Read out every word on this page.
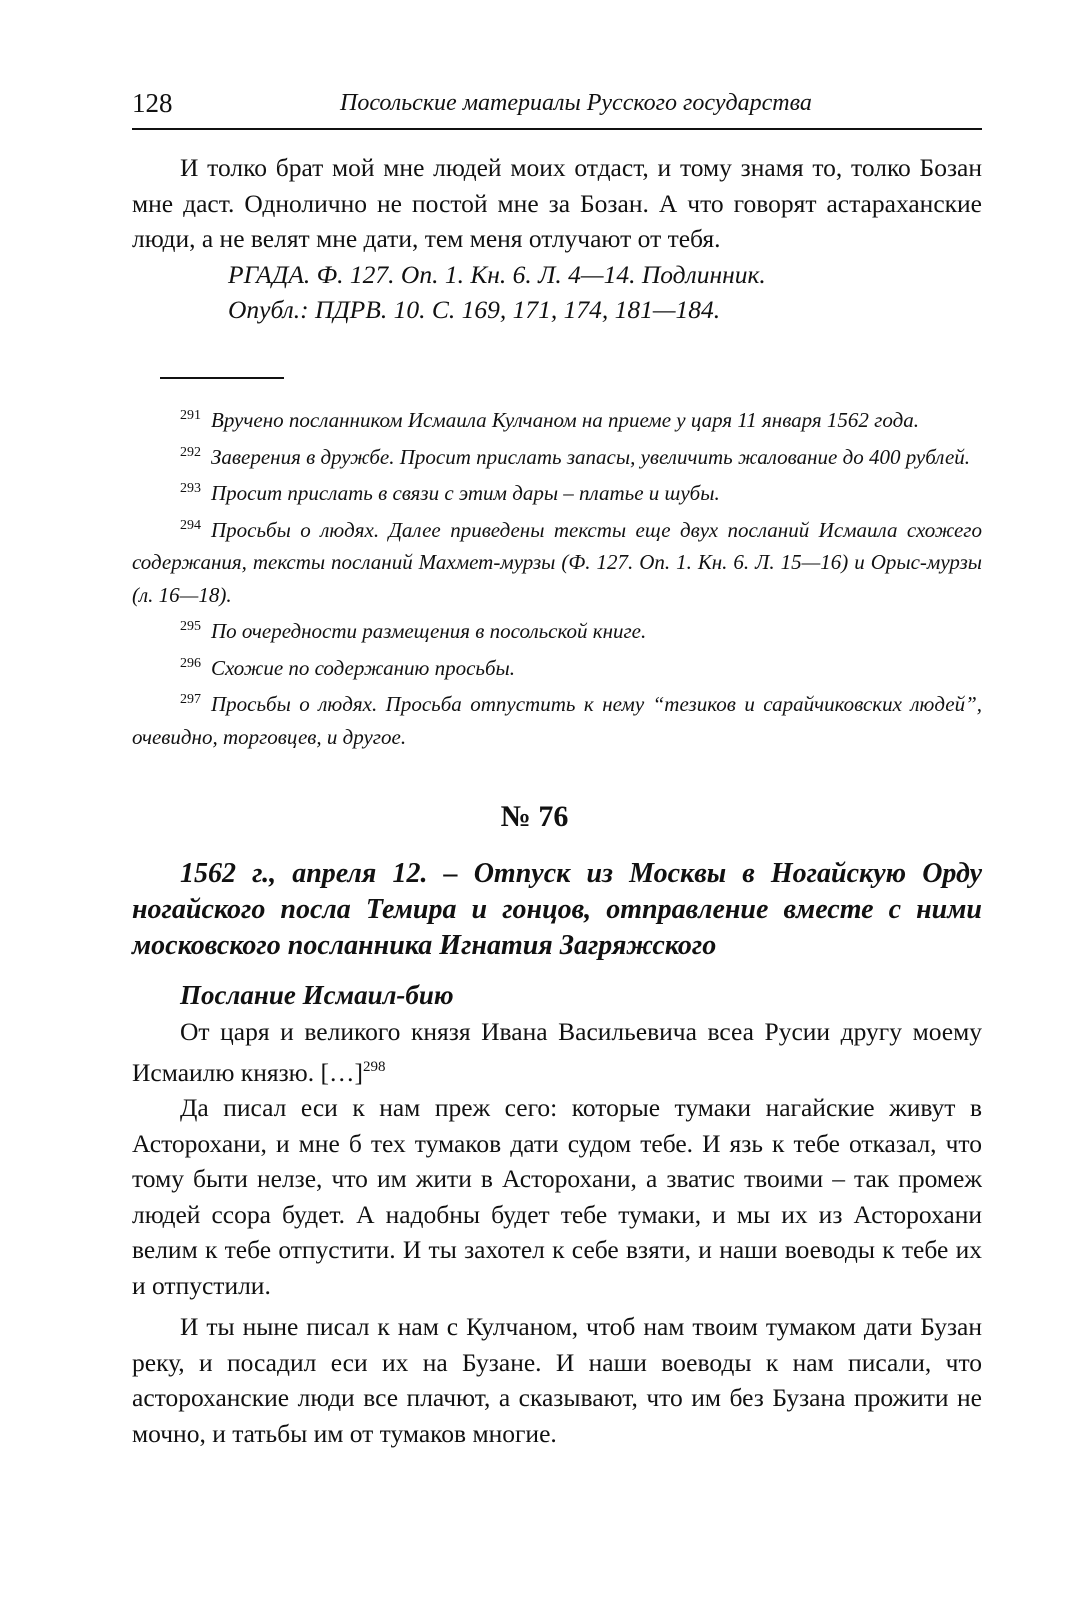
128	Посольские материалы Русского государства

И толко брат мой мне людей моих отдаст, и тому знамя то, толко Бозан мне даст. Однолично не постой мне за Бозан. А что говорят астараханские люди, а не велят мне дати, тем меня отлучают от тебя.

РГАДА. Ф. 127. Оп. 1. Кн. 6. Л. 4—14. Подлинник.

Опубл.: ПДРВ. 10. С. 169, 171, 174, 181—184.

$^{291}$ Вручено посланником Исмаила Кулчаном на приеме у царя 11 января 1562 года.

$^{292}$ Заверения в дружбе. Просит прислать запасы, увеличить жалование до 400 рублей.

$^{293}$ Просит прислать в связи с этим дары – платье и шубы.

$^{294}$ Просьбы о людях. Далее приведены тексты еще двух посланий Исмаила схожего содержания, тексты посланий Махмет-мурзы (Ф. 127. Оп. 1. Кн. 6. Л. 15—16) и Орыс-мурзы (л. 16—18).

$^{295}$ По очередности размещения в посольской книге.

$^{296}$ Схожие по содержанию просьбы.

$^{297}$ Просьбы о людях. Просьба отпустить к нему “тезиков и сарайчиковских людей”, очевидно, торговцев, и другое.

№ 76
1562 г., апреля 12. – Отпуск из Москвы в Ногайскую Орду ногайского посла Темира и гонцов, отправление вместе с ними московского посланника Игнатия Загряжского
Послание Исмаил-бию

От царя и великого князя Ивана Васильевича всеа Русии другу моему Исмаилю князю. […]$^{298}$

Да писал еси к нам преж сего: которые тумаки нагайские живут в Асторохани, и мне б тех тумаков дати судом тебе. И язь к тебе отказал, что тому быти нелзе, что им жити в Асторохани, а зватис твоими – так промеж людей ссора будет. А надобны будет тебе тумаки, и мы их из Асторохани велим к тебе отпустити. И ты захотел к себе взяти, и наши воеводы к тебе их и отпустили.

И ты ныне писал к нам с Кулчаном, чтоб нам твоим тумаком дати Бузан реку, и посадил еси их на Бузане. И наши воеводы к нам писали, что астороханские люди все плачют, а сказывают, что им без Бузана прожити не мочно, и татьбы им от тумаков многие.
